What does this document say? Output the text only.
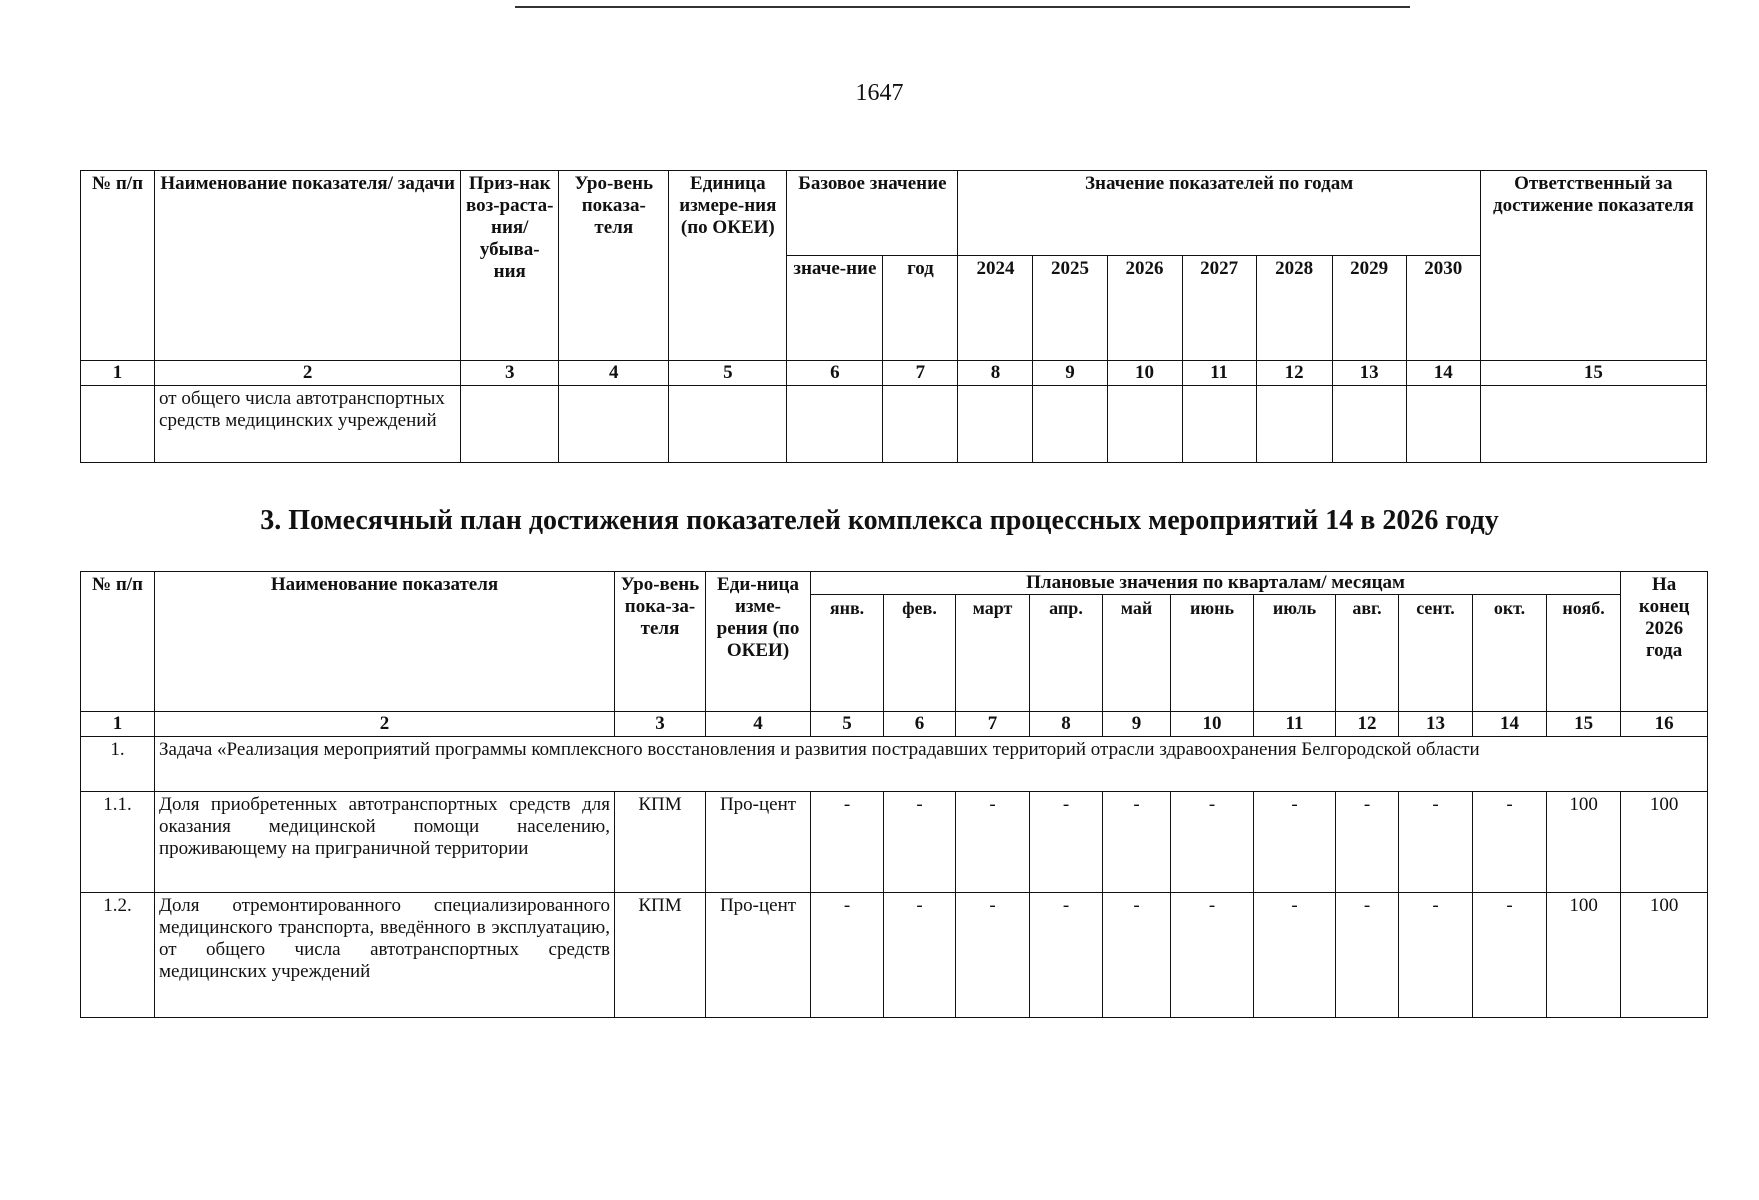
1647
№ п/п	Наименование показателя/ задачи	Приз-нак воз-раста-ния/ убыва-ния	Уро-вень показа-теля	Единица измере-ния (по ОКЕИ)	Базовое значение		Значение показателей по годам							Ответственный за достижение показателя
					значе-ние	год	2024	2025	2026	2027	2028	2029	2030	
1	2	3	4	5	6	7	8	9	10	11	12	13	14	15
	от общего числа автотранспортных средств медицинских учреждений													
3. Помесячный план достижения показателей комплекса процессных мероприятий 14 в 2026 году
№ п/п	Наименование показателя	Уро-вень пока-за-теля	Еди-ница изме-рения (по ОКЕИ)	Плановые значения по кварталам/ месяцам											На конец 2026 года
				янв.	фев.	март	апр.	май	июнь	июль	авг.	сент.	окт.	нояб.	
1	2	3	4	5	6	7	8	9	10	11	12	13	14	15	16
1.	Задача «Реализация мероприятий программы комплексного восстановления и развития пострадавших территорий отрасли здравоохранения Белгородской области														
1.1.	Доля приобретенных автотранспортных средств для оказания медицинской помощи населению, проживающему на приграничной территории	КПМ	Про-цент	-	-	-	-	-	-	-	-	-	-	100	100
1.2.	Доля отремонтированного специализированного медицинского транспорта, введённого в эксплуатацию, от общего числа автотранспортных средств медицинских учреждений	КПМ	Про-цент	-	-	-	-	-	-	-	-	-	-	100	100
